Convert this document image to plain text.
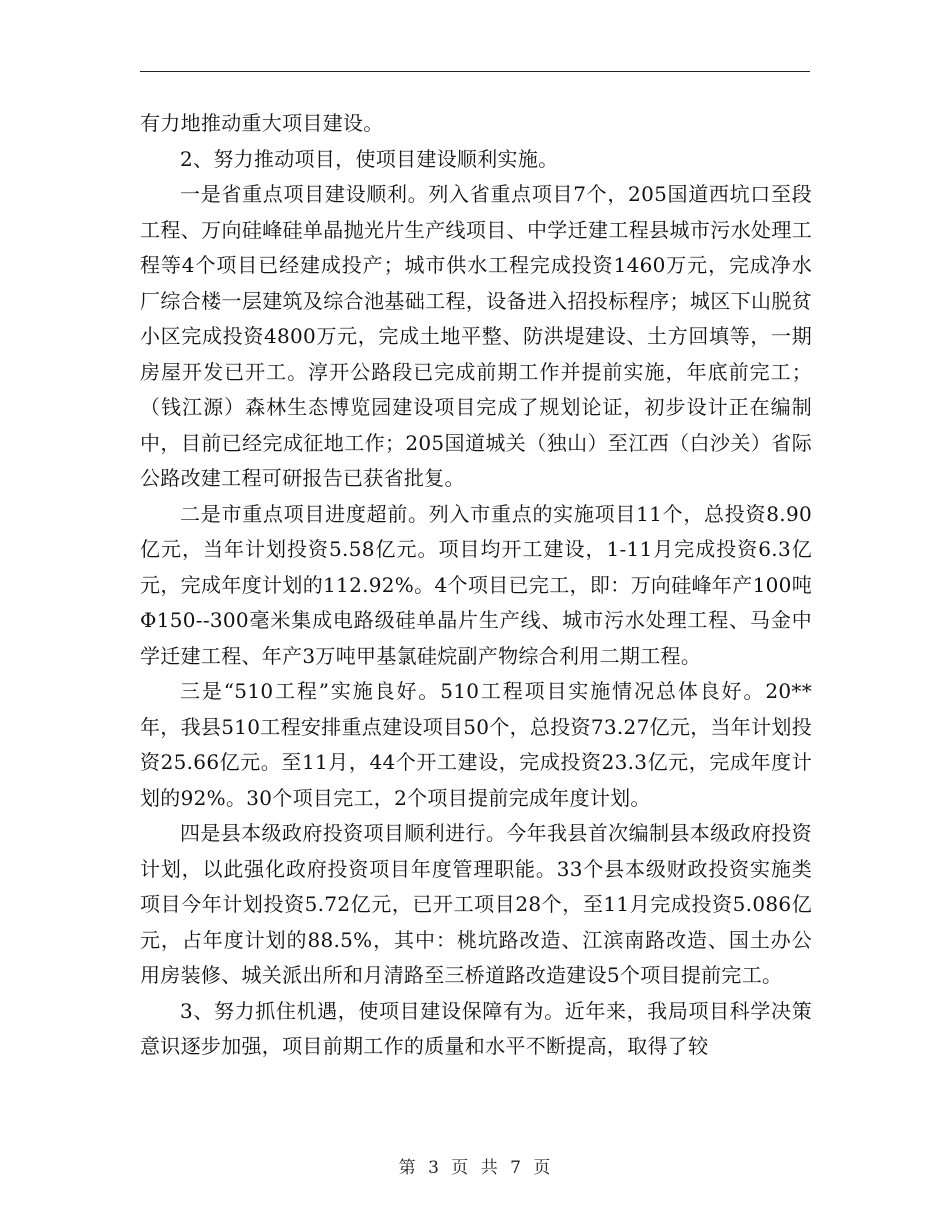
有力地推动重大项目建设。

2、努力推动项目，使项目建设顺利实施。

一是省重点项目建设顺利。列入省重点项目7个，205国道西坑口至段工程、万向硅峰硅单晶抛光片生产线项目、中学迁建工程县城市污水处理工程等4个项目已经建成投产；城市供水工程完成投资1460万元，完成净水厂综合楼一层建筑及综合池基础工程，设备进入招投标程序；城区下山脱贫小区完成投资4800万元，完成土地平整、防洪堤建设、土方回填等，一期房屋开发已开工。淳开公路段已完成前期工作并提前实施，年底前完工；（钱江源）森林生态博览园建设项目完成了规划论证，初步设计正在编制中，目前已经完成征地工作；205国道城关（独山）至江西（白沙关）省际公路改建工程可研报告已获省批复。

二是市重点项目进度超前。列入市重点的实施项目11个，总投资8.90亿元，当年计划投资5.58亿元。项目均开工建设，1-11月完成投资6.3亿元，完成年度计划的112.92%。4个项目已完工，即：万向硅峰年产100吨Φ150--300毫米集成电路级硅单晶片生产线、城市污水处理工程、马金中学迁建工程、年产3万吨甲基氯硅烷副产物综合利用二期工程。

三是“510工程”实施良好。510工程项目实施情况总体良好。20**年，我县510工程安排重点建设项目50个，总投资73.27亿元，当年计划投资25.66亿元。至11月，44个开工建设，完成投资23.3亿元，完成年度计划的92%。30个项目完工，2个项目提前完成年度计划。

四是县本级政府投资项目顺利进行。今年我县首次编制县本级政府投资计划，以此强化政府投资项目年度管理职能。33个县本级财政投资实施类项目今年计划投资5.72亿元，已开工项目28个，至11月完成投资5.086亿元，占年度计划的88.5%，其中：桃坑路改造、江滨南路改造、国土办公用房装修、城关派出所和月清路至三桥道路改造建设5个项目提前完工。

3、努力抓住机遇，使项目建设保障有为。近年来，我局项目科学决策意识逐步加强，项目前期工作的质量和水平不断提高，取得了较

第 3 页 共 7 页
